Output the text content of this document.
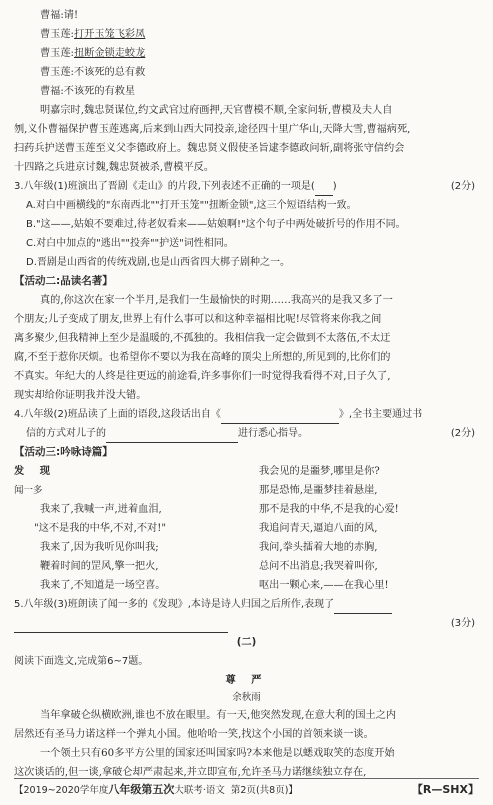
曹福:请!
曹玉莲:打开玉笼飞彩凤
曹玉莲:扭断金锁走蛟龙
曹玉莲:不该死的总有救
曹福:不该死的有救星
明嘉宗时,魏忠贤谋位,约文武官过府画押,天官曹模不顺,全家问斩,曹模及夫人自
刎,义仆曹福保护曹玉莲逃离,后来到山西大同投亲,途径四十里广华山,天降大雪,曹福病死,
扫药兵护送曹玉莲至义父李德政府上。魏忠贤义假使圣旨逮李德政问斩,副将张守信约会
十四路之兵进京讨魏,魏忠贤被杀,曹模平反。
3.八年级(1)班演出了晋剧《走山》的片段,下列表述不正确的一项是( )	(2分)
A.对白中画横线的"东南西北""打开玉笼""扭断金锁",这三个短语结构一致。
B."这——,姑娘不要难过,待老奴看来——姑娘啊!"这个句子中两处破折号的作用不同。
C.对白中加点的"逃出""投奔""护送"词性相同。
D.晋剧是山西省的传统戏剧,也是山西省四大梆子剧种之一。
【活动二:品读名著】
真的,你这次在家一个半月,是我们一生最愉快的时期……我高兴的是我又多了一
个朋友;儿子变成了朋友,世界上有什么事可以和这种幸福相比呢!尽管将来你我之间
离多聚少,但我精神上至少是温暖的,不孤独的。我相信我一定会做到不太落伍,不太迂
腐,不至于惹你厌烦。也希望你不要以为我在高峰的顶尖上所想的,所见到的,比你们的
不真实。年纪大的人终是往更远的前途看,许多事你们一时觉得我看得不对,日子久了,
现实却给你证明我并没大错。
4.八年级(2)班品读了上面的语段,这段话出自《	》,全书主要通过书
信的方式对儿子的	进行悉心指导。	(2分)
【活动三:吟咏诗篇】
发 现
闻一多
我来了,我喊一声,迸着血泪,
"这不是我的中华,不对,不对!"
我来了,因为我听见你叫我;
鞭着时间的罡风,擎一把火,
我来了,不知道是一场空喜。
我会见的是噩梦,哪里是你?
那是恐怖,是噩梦挂着悬崖,
那不是我的中华,不是我的心爱!
我追问青天,逼迫八面的风,
我问,拳头擂着大地的赤胸,
总问不出消息;我哭着叫你,
呕出一颗心来,——在我心里!
5.八年级(3)班朗读了闻一多的《发现》,本诗是诗人归国之后所作,表现了
(3分)
(二)
阅读下面选文,完成第6~7题。
尊 严
余秋雨
当年拿破仑纵横欧洲,谁也不放在眼里。有一天,他突然发现,在意大利的国土之内
居然还有圣马力诺这样一个弹丸小国。他哈哈一笑,找这个小国的首领来谈一谈。
一个领土只有60多平方公里的国家还叫国家吗?本来他是以蟋戏取笑的态度开始
这次谈话的,但一谈,拿破仑却严肃起来,并立即宣布,允许圣马力诺继续独立存在,
【2019~2020学年度八年级第五次大联考·语文 第2页(共8页)】	【R—SHX】
